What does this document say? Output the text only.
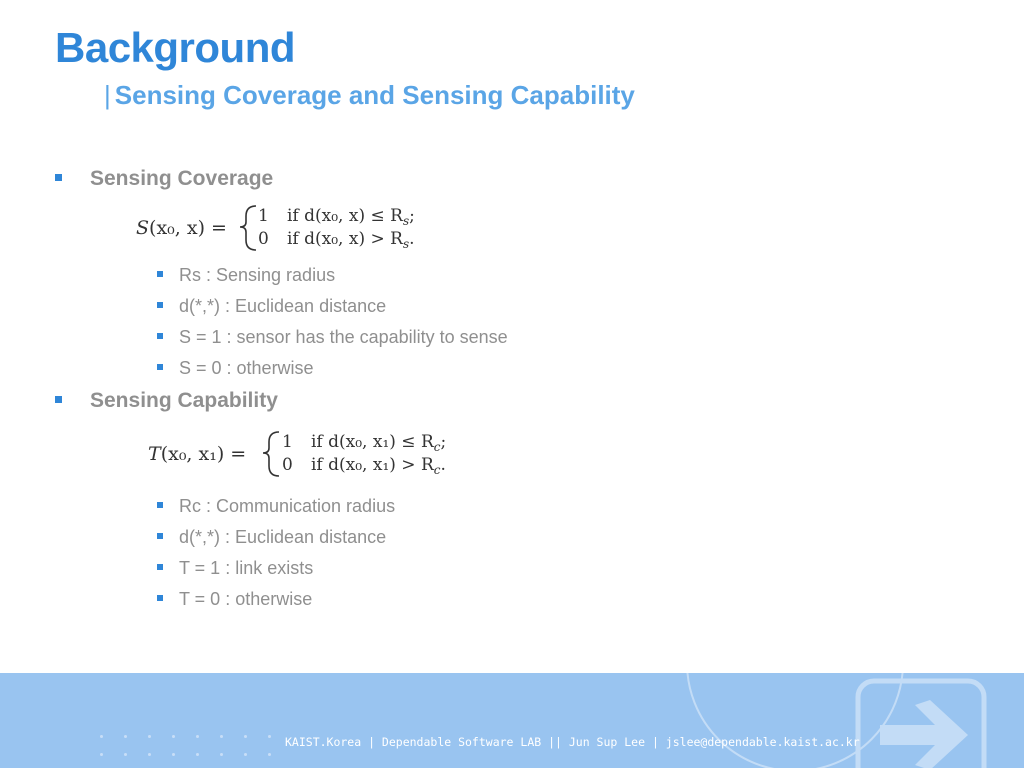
Background
| Sensing Coverage and Sensing Capability
Sensing Coverage
S(x₀, x) =
1 if d(x₀, $x) \le R_s$;
0 if d(x₀, $x) > R_s$.
Rs : Sensing radius
d(*,*) : Euclidean distance
S = 1 : sensor has the capability to sense
S = 0 : otherwise
Sensing Capability
T(x₀, x₁) =
1 if d(x₀, $x_1) \le R_c$;
0 if d(x₀, $x_1) > R_c$.
Rc : Communication radius
d(*,*) : Euclidean distance
T = 1 : link exists
T = 0 : otherwise
KAIST.Korea | Dependable Software LAB || Jun Sup Lee | jslee@dependable.kaist.ac.kr
